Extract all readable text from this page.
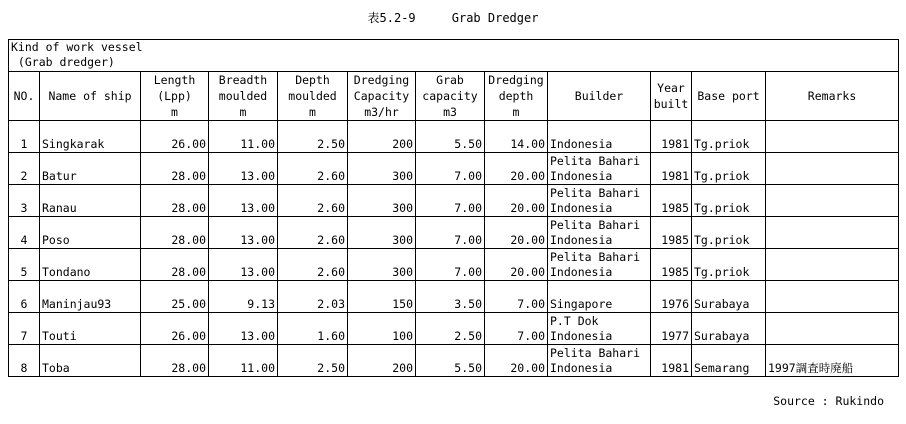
表5.2-9     Grab Dredger
Kind of work vessel
(Grab dredger)											

NO.	Name of ship	Length
(Lpp)
m	Breadth
moulded
m	Depth
moulded
m	Dredging
Capacity
m3/hr	Grab
capacity
m3	Dredging
depth
m	Builder	Year
built	Base port	Remarks
1	Singkarak	26.00	11.00	2.50	200	5.50	14.00	Indonesia	1981	Tg.priok	
2	Batur	28.00	13.00	2.60	300	7.00	20.00	Pelita Bahari
Indonesia	1981	Tg.priok	
3	Ranau	28.00	13.00	2.60	300	7.00	20.00	Pelita Bahari
Indonesia	1985	Tg.priok	
4	Poso	28.00	13.00	2.60	300	7.00	20.00	Pelita Bahari
Indonesia	1985	Tg.priok	
5	Tondano	28.00	13.00	2.60	300	7.00	20.00	Pelita Bahari
Indonesia	1985	Tg.priok	
6	Maninjau93	25.00	9.13	2.03	150	3.50	7.00	Singapore	1976	Surabaya	
7	Touti	26.00	13.00	1.60	100	2.50	7.00	P.T Dok
Indonesia	1977	Surabaya	
8	Toba	28.00	11.00	2.50	200	5.50	20.00	Pelita Bahari
Indonesia	1981	Semarang	1997調査時廃船
Source : Rukindo
